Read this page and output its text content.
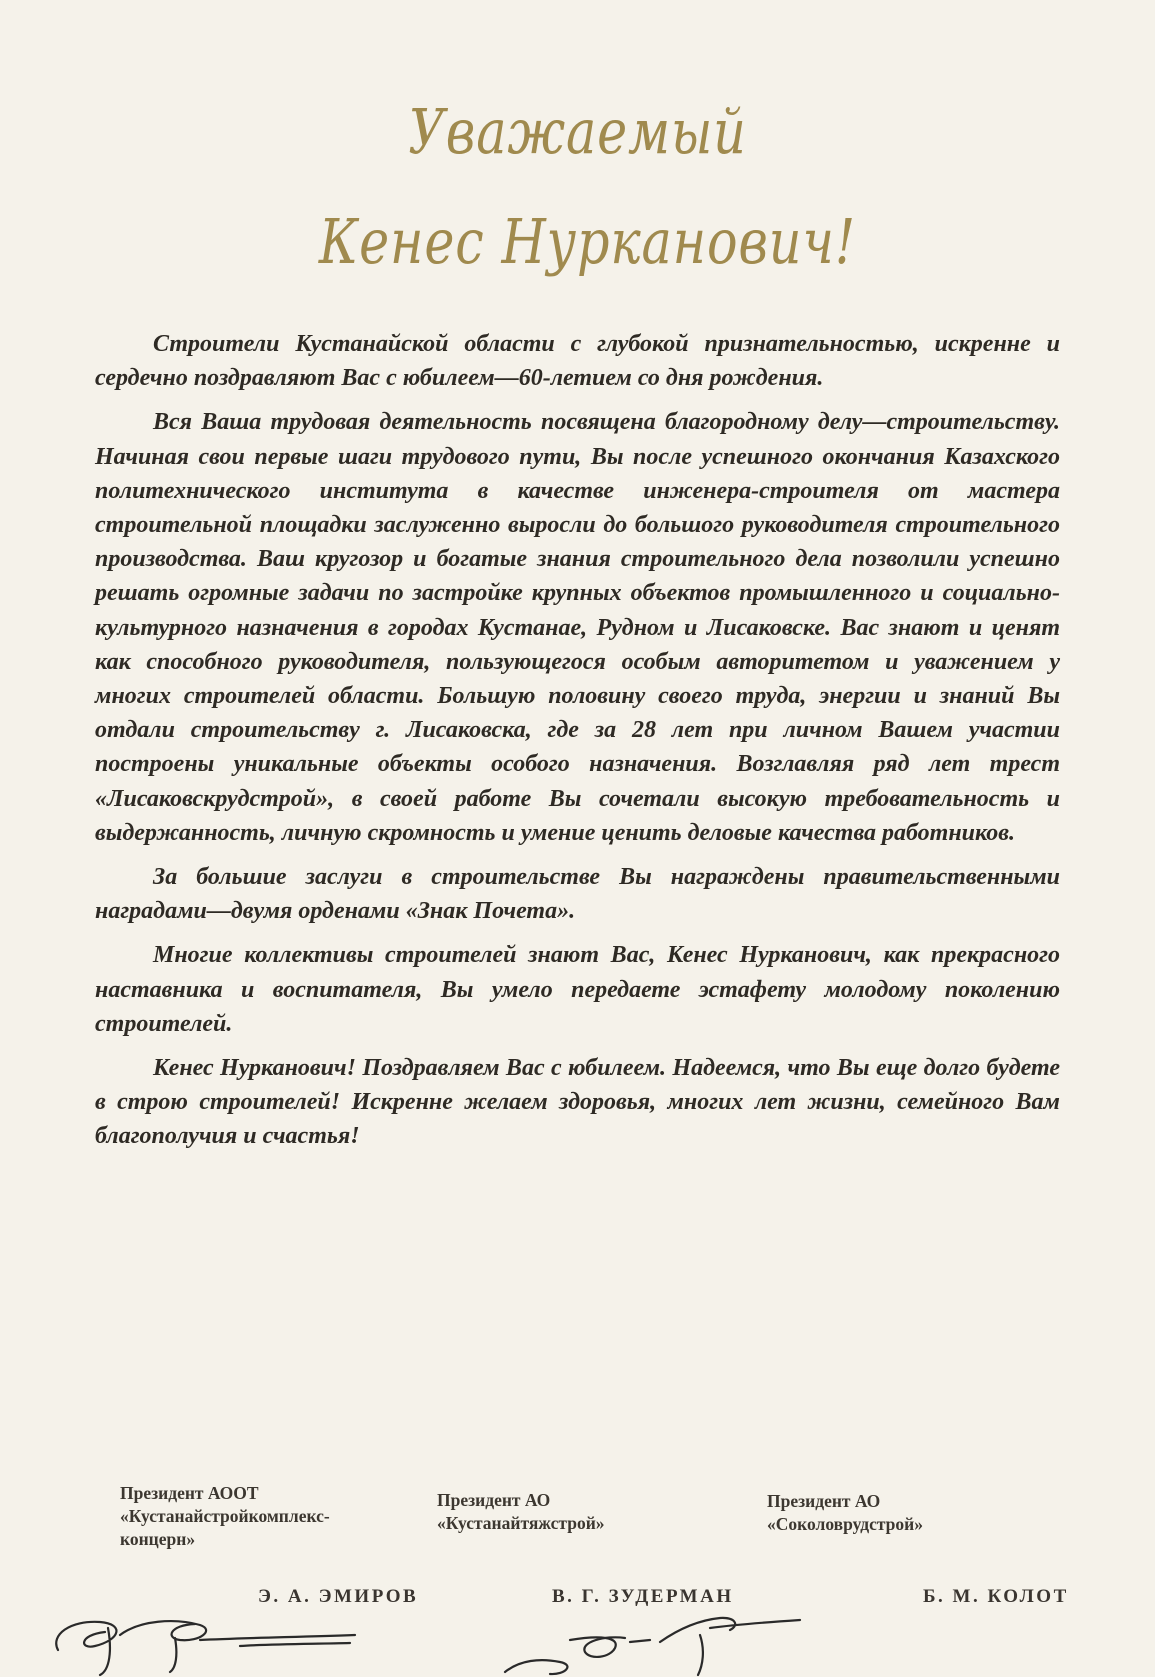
Уважаемый
Кенес Нурканович!

Строители Кустанайской области с глубокой признательностью, искренне и сердечно поздравляют Вас с юбилеем—60-летием со дня рождения.

Вся Ваша трудовая деятельность посвящена благородному делу—строительству. Начиная свои первые шаги трудового пути, Вы после успешного окончания Казахского политехнического института в качестве инженера-строителя от мастера строительной площадки заслуженно выросли до большого руководителя строительного производства. Ваш кругозор и богатые знания строительного дела позволили успешно решать огромные задачи по застройке крупных объектов промышленного и социально-культурного назначения в городах Кустанае, Рудном и Лисаковске. Вас знают и ценят как способного руководителя, пользующегося особым авторитетом и уважением у многих строителей области. Большую половину своего труда, энергии и знаний Вы отдали строительству г. Лисаковска, где за 28 лет при личном Вашем участии построены уникальные объекты особого назначения. Возглавляя ряд лет трест «Лисаковскрудстрой», в своей работе Вы сочетали высокую требовательность и выдержанность, личную скромность и умение ценить деловые качества работников.

За большие заслуги в строительстве Вы награждены правительственными наградами—двумя орденами «Знак Почета».

Многие коллективы строителей знают Вас, Кенес Нурканович, как прекрасного наставника и воспитателя, Вы умело передаете эстафету молодому поколению строителей.

Кенес Нурканович! Поздравляем Вас с юбилеем. Надеемся, что Вы еще долго будете в строю строителей! Искренне желаем здоровья, многих лет жизни, семейного Вам благополучия и счастья!

Президент АООТ
«Кустанайстройкомплекс-
концерн»
Президент АО
«Кустанайтяжстрой»
Президент АО
«Соколоврудстрой»
Э. А. ЭМИРОВ	В. Г. ЗУДЕРМАН	Б. М. КОЛОТ
